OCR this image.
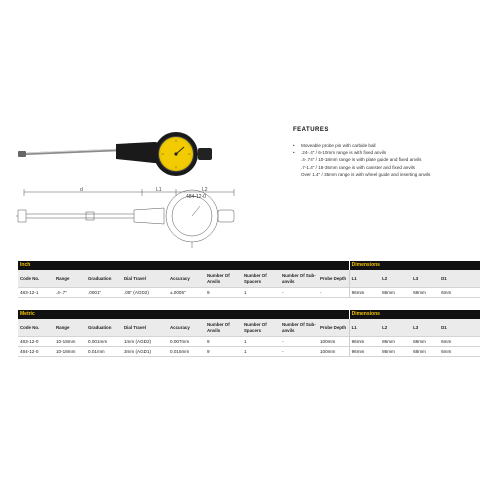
484-12-0
FEATURES
• Moveable probe pin with carbide ball
• .24-.4" / 6-10mm range is with fixed anvils
.4-.74" / 10-18mm range is with plate guide and fixed anvils
.7-1.4" / 18-35mm range is with canister and fixed anvils
Over 1.4" / 35mm range is with wheel guide and inserting anvils
d	L1	L2
Inch									Dimensions			
Code No.	Range	Graduation	Dial Travel	Accuracy	Number Of Anvils	Number Of Spacers	Number Of Sub-anvils	Probe Depth	L1	L2	L3	D1
483-12-1	.4-.7"	.0001"	.05" (AGD2)	±.0005"	9	1	-	-	96mm	86mm	68mm	6mm

Metric									Dimensions			
Code No.	Range	Graduation	Dial Travel	Accuracy	Number Of Anvils	Number Of Spacers	Number Of Sub-anvils	Probe Depth	L1	L2	L3	D1
483-12-0	10-18mm	0.001mm	1mm (AGD2)	0.007mm	9	1	-	100mm	96mm	86mm	68mm	6mm
484-12-0	10-18mm	0.01mm	3mm (AGD1)	0.015mm	9	1	-	100mm	96mm	86mm	68mm	6mm
